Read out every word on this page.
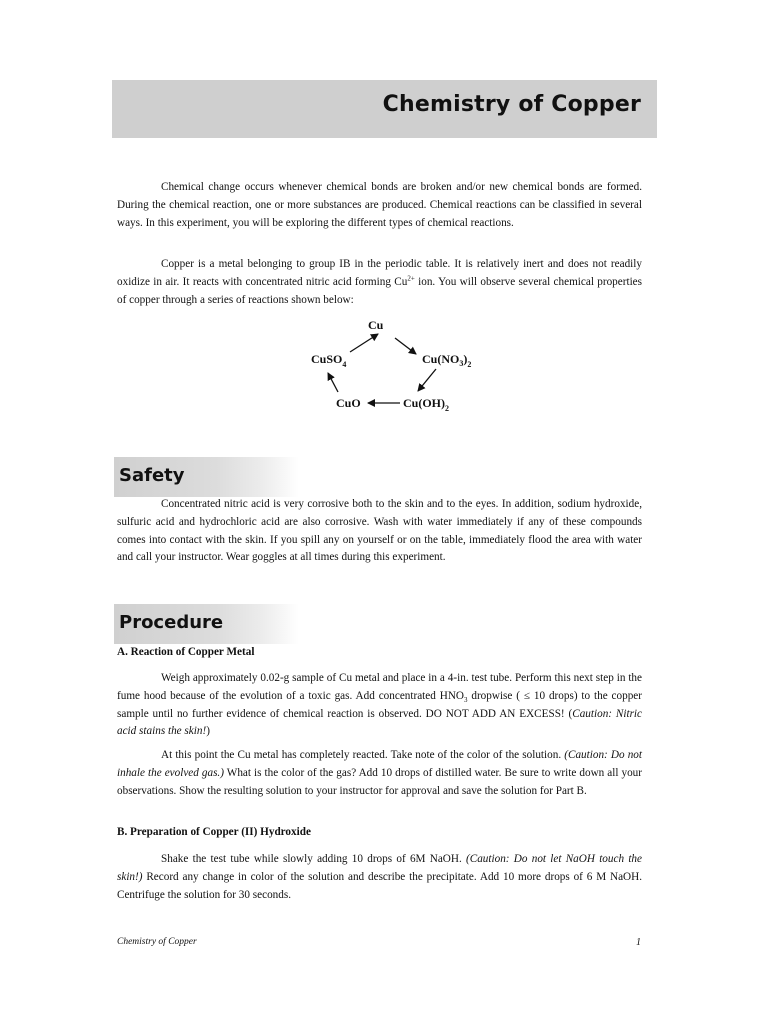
Chemistry of Copper

Chemical change occurs whenever chemical bonds are broken and/or new chemical bonds are formed. During the chemical reaction, one or more substances are produced. Chemical reactions can be classified in several ways. In this experiment, you will be exploring the different types of chemical reactions.

Copper is a metal belonging to group IB in the periodic table. It is relatively inert and does not readily oxidize in air. It reacts with concentrated nitric acid forming $Cu^{2+}$ ion. You will observe several chemical properties of copper through a series of reactions shown below:

Cu
$Cu(NO_3)_2$
CuSO$_4$
CuO	$Cu(OH)_2$
Safety

Concentrated nitric acid is very corrosive both to the skin and to the eyes. In addition, sodium hydroxide, sulfuric acid and hydrochloric acid are also corrosive. Wash with water immediately if any of these compounds comes into contact with the skin. If you spill any on yourself or on the table, immediately flood the area with water and call your instructor. Wear goggles at all times during this experiment.

Procedure

A. Reaction of Copper Metal

Weigh approximately 0.02-g sample of Cu metal and place in a 4-in. test tube. Perform this next step in the fume hood because of the evolution of a toxic gas. Add concentrated $HNO_3$ dropwise ( ≤ 10 drops) to the copper sample until no further evidence of chemical reaction is observed. DO NOT ADD AN EXCESS! (Caution: Nitric acid stains the skin!)

At this point the Cu metal has completely reacted. Take note of the color of the solution. (Caution: Do not inhale the evolved gas.) What is the color of the gas? Add 10 drops of distilled water. Be sure to write down all your observations. Show the resulting solution to your instructor for approval and save the solution for Part B.

B. Preparation of Copper (II) Hydroxide

Shake the test tube while slowly adding 10 drops of 6M NaOH. (Caution: Do not let NaOH touch the skin!) Record any change in color of the solution and describe the precipitate. Add 10 more drops of 6 M NaOH. Centrifuge the solution for 30 seconds.

Chemistry of Copper	1
